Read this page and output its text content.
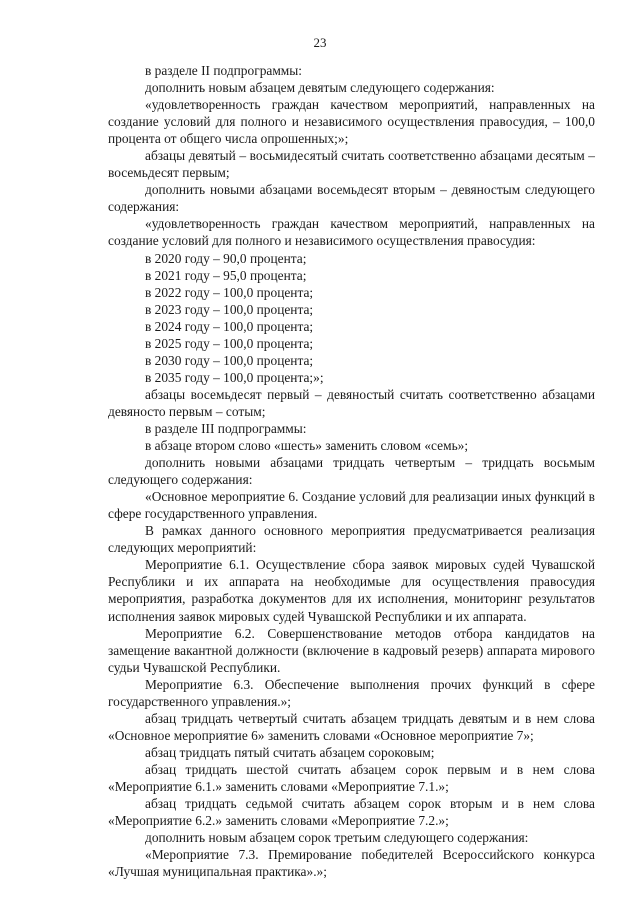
23

в разделе II подпрограммы:

дополнить новым абзацем девятым следующего содержания:

«удовлетворенность граждан качеством мероприятий, направленных на создание условий для полного и независимого осуществления правосудия, – 100,0 процента от общего числа опрошенных;»;

абзацы девятый – восьмидесятый считать соответственно абзацами десятым – восемьдесят первым;

дополнить новыми абзацами восемьдесят вторым – девяностым следующего содержания:

«удовлетворенность граждан качеством мероприятий, направленных на создание условий для полного и независимого осуществления правосудия:

в 2020 году – 90,0 процента;

в 2021 году – 95,0 процента;

в 2022 году – 100,0 процента;

в 2023 году – 100,0 процента;

в 2024 году – 100,0 процента;

в 2025 году – 100,0 процента;

в 2030 году – 100,0 процента;

в 2035 году – 100,0 процента;»;

абзацы восемьдесят первый – девяностый считать соответственно абзацами девяносто первым – сотым;

в разделе III подпрограммы:

в абзаце втором слово «шесть» заменить словом «семь»;

дополнить новыми абзацами тридцать четвертым – тридцать восьмым следующего содержания:

«Основное мероприятие 6. Создание условий для реализации иных функций в сфере государственного управления.

В рамках данного основного мероприятия предусматривается реализация следующих мероприятий:

Мероприятие 6.1. Осуществление сбора заявок мировых судей Чувашской Республики и их аппарата на необходимые для осуществления правосудия мероприятия, разработка документов для их исполнения, мониторинг результатов исполнения заявок мировых судей Чувашской Республики и их аппарата.

Мероприятие 6.2. Совершенствование методов отбора кандидатов на замещение вакантной должности (включение в кадровый резерв) аппарата мирового судьи Чувашской Республики.

Мероприятие 6.3. Обеспечение выполнения прочих функций в сфере государственного управления.»;

абзац тридцать четвертый считать абзацем тридцать девятым и в нем слова «Основное мероприятие 6» заменить словами «Основное мероприятие 7»;

абзац тридцать пятый считать абзацем сороковым;

абзац тридцать шестой считать абзацем сорок первым и в нем слова «Мероприятие 6.1.» заменить словами «Мероприятие 7.1.»;

абзац тридцать седьмой считать абзацем сорок вторым и в нем слова «Мероприятие 6.2.» заменить словами «Мероприятие 7.2.»;

дополнить новым абзацем сорок третьим следующего содержания:

«Мероприятие 7.3. Премирование победителей Всероссийского конкурса «Лучшая муниципальная практика».»;
